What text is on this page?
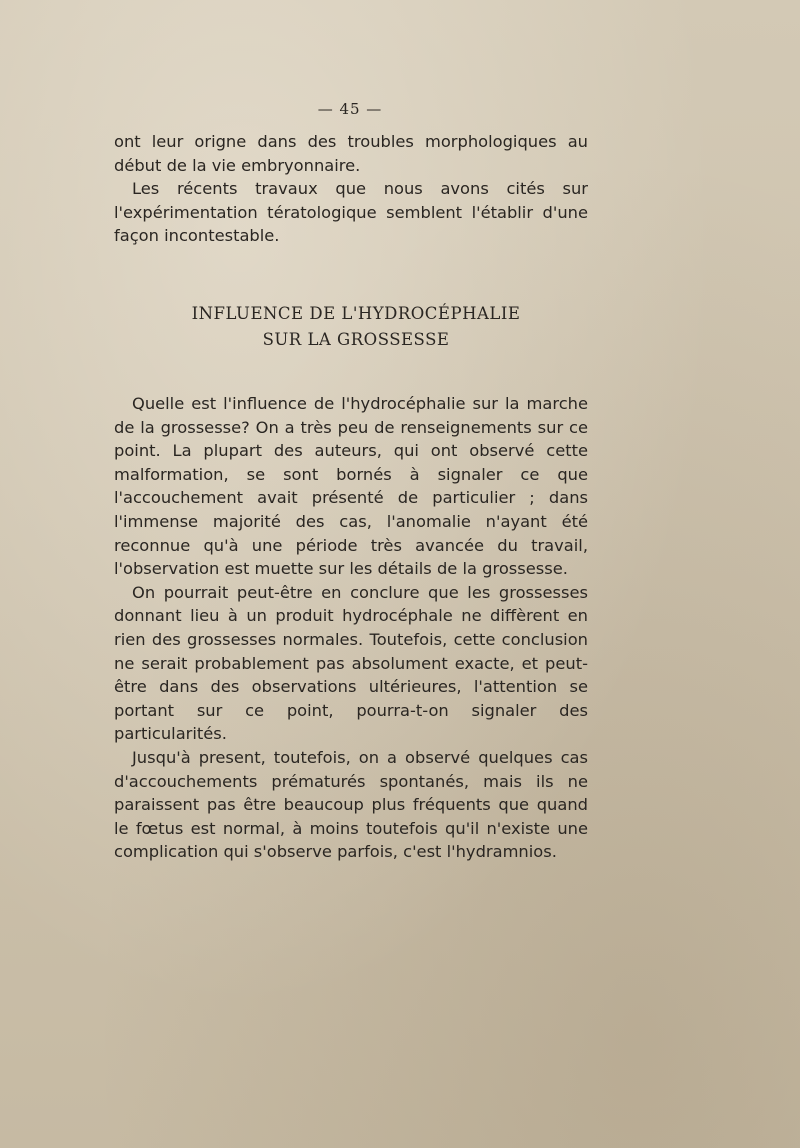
— 45 —

ont leur origne dans des troubles morphologiques au début de la vie embryonnaire.

Les récents travaux que nous avons cités sur l'expérimentation tératologique semblent l'établir d'une façon incontestable.

INFLUENCE DE L'HYDROCÉPHALIE
SUR LA GROSSESSE

Quelle est l'influence de l'hydrocéphalie sur la marche de la grossesse? On a très peu de renseignements sur ce point. La plupart des auteurs, qui ont observé cette malformation, se sont bornés à signaler ce que l'accouchement avait présenté de particulier ; dans l'immense majorité des cas, l'anomalie n'ayant été reconnue qu'à une période très avancée du travail, l'observation est muette sur les détails de la grossesse.

On pourrait peut-être en conclure que les grossesses donnant lieu à un produit hydrocéphale ne diffèrent en rien des grossesses normales. Toutefois, cette conclusion ne serait probablement pas absolument exacte, et peut-être dans des observations ultérieures, l'attention se portant sur ce point, pourra-t-on signaler des particularités.

Jusqu'à present, toutefois, on a observé quelques cas d'accouchements prématurés spontanés, mais ils ne paraissent pas être beaucoup plus fréquents que quand le fœtus est normal, à moins toutefois qu'il n'existe une complication qui s'observe parfois, c'est l'hydramnios.
